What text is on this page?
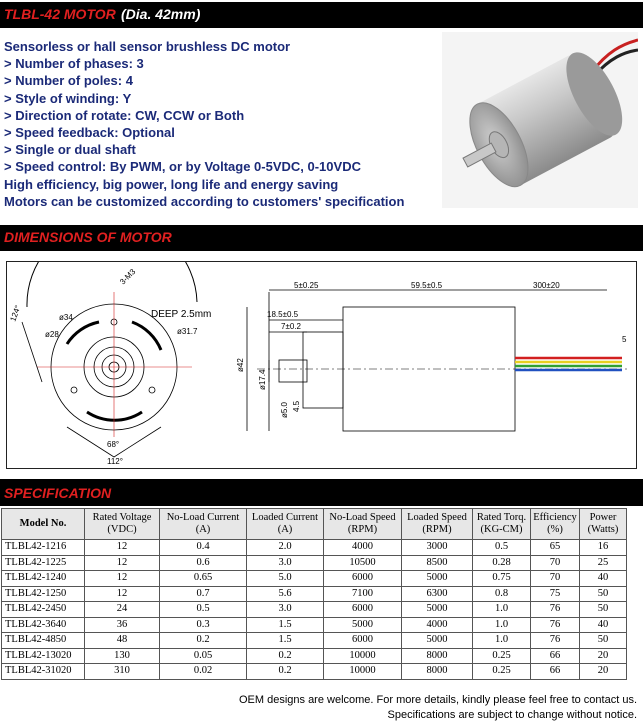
TLBL-42 MOTOR (Dia. 42mm)
Sensorless or hall sensor brushless DC motor
> Number of phases: 3
> Number of poles: 4
> Style of winding: Y
> Direction of rotate: CW, CCW or Both
> Speed feedback: Optional
> Single or dual shaft
> Speed control: By PWM, or by Voltage 0-5VDC, 0-10VDC
High efficiency, big power, long life and energy saving
Motors can be customized according to customers' specification
DIMENSIONS OF MOTOR
DEEP 2.5mm
ø34
ø28	ø31.7
3-M3
124°
68°
112°
5±0.25	59.5±0.5	300±20
18.5±0.5
7±0.2
ø42
ø17.4
ø5.0 4.5
5
SPECIFICATION
Model No.	Rated Voltage (VDC)	No-Load Current (A)	Loaded Current (A)	No-Load Speed (RPM)	Loaded Speed (RPM)	Rated Torq. (KG-CM)	Efficiency (%)	Power (Watts)
TLBL42-1216	12	0.4	2.0	4000	3000	0.5	65	16
TLBL42-1225	12	0.6	3.0	10500	8500	0.28	70	25
TLBL42-1240	12	0.65	5.0	6000	5000	0.75	70	40
TLBL42-1250	12	0.7	5.6	7100	6300	0.8	75	50
TLBL42-2450	24	0.5	3.0	6000	5000	1.0	76	50
TLBL42-3640	36	0.3	1.5	5000	4000	1.0	76	40
TLBL42-4850	48	0.2	1.5	6000	5000	1.0	76	50
TLBL42-13020	130	0.05	0.2	10000	8000	0.25	66	20
TLBL42-31020	310	0.02	0.2	10000	8000	0.25	66	20
OEM designs are welcome. For more details, kindly please feel free to contact us.
Specifications are subject to change without notice.
